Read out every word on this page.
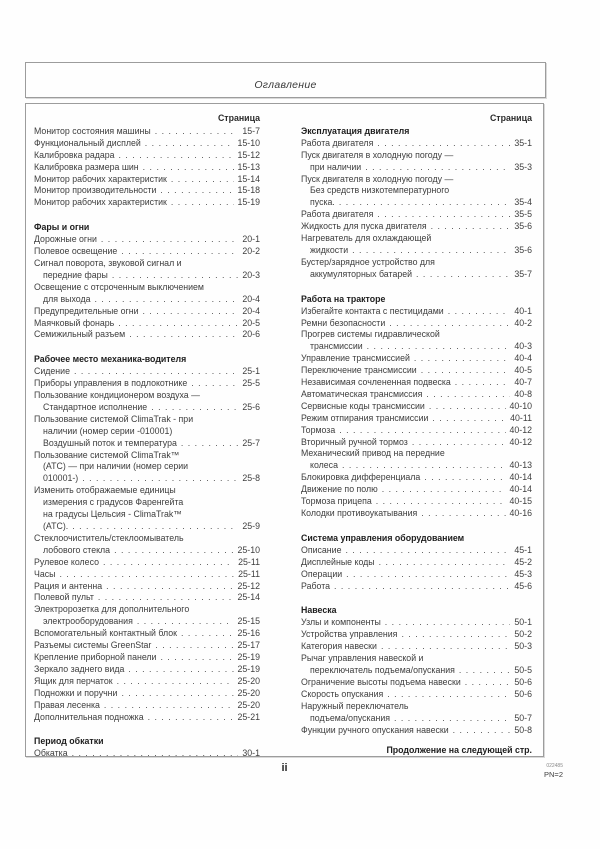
Оглавление
Страница
Монитор состояния машины . . .	15-7
Функциональный дисплей . . .	15-10
Калибровка радара . . .	15-12
Калибровка размера шин . . .	15-13
Монитор рабочих характеристик . . .	15-14
Монитор производительности . . .	15-18
Монитор рабочих характеристик . . .	15-19
Фары и огни
Дорожные огни . . .	20-1
Полевое освещение . . .	20-2
Сигнал поворота, звуковой сигнал и
передние фары . . .	20-3
Освещение с отсроченным выключением
для выхода . . .	20-4
Предупредительные огни . . .	20-4
Маячковый фонарь . . .	20-5
Семижильный разъем . . .	20-6
Рабочее место механика-водителя
Сидение . . .	25-1
Приборы управления в подлокотнике . . .	25-5
Пользование кондиционером воздуха —
Стандартное исполнение . . .	25-6
Пользование системой ClimaTrak - при
наличии (номер серии -010001)
Воздушный поток и температура . . .	25-7
Пользование системой ClimaTrak™
(АТС) — при наличии (номер серии
010001-) . . .	25-8
Изменить отображаемые единицы
измерения с градусов Фаренгейта
на градусы Цельсия - ClimaTrak™
(АТС). . . .	25-9
Стеклоочиститель/стеклоомыватель
лобового стекла . . .	25-10
Рулевое колесо . . .	25-11
Часы . . .	25-11
Рация и антенна . . .	25-12
Полевой пульт . . .	25-14
Электророзетка для дополнительного
электрооборудования . . .	25-15
Вспомогательный контактный блок . . .	25-16
Разъемы системы GreenStar . . .	25-17
Крепление приборной панели . . .	25-19
Зеркало заднего вида . . .	25-19
Ящик для перчаток . . .	25-20
Подножки и поручни . . .	25-20
Правая лесенка . . .	25-20
Дополнительная подножка . . .	25-21
Период обкатки
Обкатка . . .	30-1
Страница
Эксплуатация двигателя
Работа двигателя . . .	35-1
Пуск двигателя в холодную погоду —
при наличии . . .	35-3
Пуск двигателя в холодную погоду —
Без средств низкотемпературного
пуска. . . .	35-4
Работа двигателя . . .	35-5
Жидкость для пуска двигателя . . .	35-6
Нагреватель для охлаждающей
жидкости . . .	35-6
Бустер/зарядное устройство для
аккумуляторных батарей . . .	35-7
Работа на тракторе
Избегайте контакта с пестицидами . . .	40-1
Ремни безопасности . . .	40-2
Прогрев системы гидравлической
трансмиссии . . .	40-3
Управление трансмиссией . . .	40-4
Переключение трансмиссии . . .	40-5
Независимая сочлененная подвеска . . .	40-7
Автоматическая трансмиссия . . .	40-8
Сервисные коды трансмиссии . . .	40-10
Режим отпирания трансмиссии . . .	40-11
Тормоза . . .	40-12
Вторичный ручной тормоз . . .	40-12
Механический привод на передние
колеса . . .	40-13
Блокировка дифференциала . . .	40-14
Движение по полю . . .	40-14
Тормоза прицепа . . .	40-15
Колодки противоукатывания . . .	40-16
Система управления оборудованием
Описание . . .	45-1
Дисплейные коды . . .	45-2
Операции . . .	45-3
Работа . . .	45-6
Навеска
Узлы и компоненты . . .	50-1
Устройства управления . . .	50-2
Категория навески . . .	50-3
Рычаг управления навеской и
переключатель подъема/опускания . . .	50-5
Ограничение высоты подъема навески . . .	50-6
Скорость опускания . . .	50-6
Наружный переключатель
подъема/опускания . . .	50-7
Функции ручного опускания навески . . .	50-8
Продолжение на следующей стр.
ii	022485
PN=2
